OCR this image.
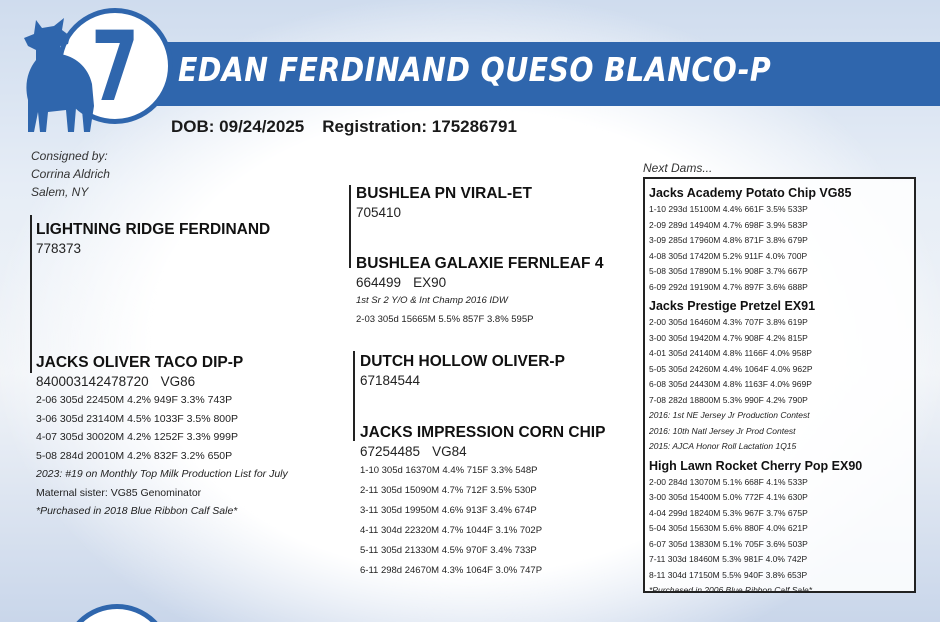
EDAN FERDINAND QUESO BLANCO-P
7
DOB: 09/24/2025 Registration: 175286791
Consigned by:
Corrina Aldrich
Salem, NY
LIGHTNING RIDGE FERDINAND
778373
JACKS OLIVER TACO DIP-P
840003142478720 VG86
2-06 305d 22450M 4.2% 949F 3.3% 743P
3-06 305d 23140M 4.5% 1033F 3.5% 800P
4-07 305d 30020M 4.2% 1252F 3.3% 999P
5-08 284d 20010M 4.2% 832F 3.2% 650P
2023: #19 on Monthly Top Milk Production List for July
Maternal sister: VG85 Genominator
*Purchased in 2018 Blue Ribbon Calf Sale*
BUSHLEA PN VIRAL-ET
705410
BUSHLEA GALAXIE FERNLEAF 4
664499 EX90
1st Sr 2 Y/O & Int Champ 2016 IDW
2-03 305d 15665M 5.5% 857F 3.8% 595P
DUTCH HOLLOW OLIVER-P
67184544
JACKS IMPRESSION CORN CHIP
67254485 VG84
1-10 305d 16370M 4.4% 715F 3.3% 548P
2-11 305d 15090M 4.7% 712F 3.5% 530P
3-11 305d 19950M 4.6% 913F 3.4% 674P
4-11 304d 22320M 4.7% 1044F 3.1% 702P
5-11 305d 21330M 4.5% 970F 3.4% 733P
6-11 298d 24670M 4.3% 1064F 3.0% 747P
Next Dams...
Jacks Academy Potato Chip VG85
1-10 293d 15100M 4.4% 661F 3.5% 533P
2-09 289d 14940M 4.7% 698F 3.9% 583P
3-09 285d 17960M 4.8% 871F 3.8% 679P
4-08 305d 17420M 5.2% 911F 4.0% 700P
5-08 305d 17890M 5.1% 908F 3.7% 667P
6-09 292d 19190M 4.7% 897F 3.6% 688P
Jacks Prestige Pretzel EX91
2-00 305d 16460M 4.3% 707F 3.8% 619P
3-00 305d 19420M 4.7% 908F 4.2% 815P
4-01 305d 24140M 4.8% 1166F 4.0% 958P
5-05 305d 24260M 4.4% 1064F 4.0% 962P
6-08 305d 24430M 4.8% 1163F 4.0% 969P
7-08 282d 18800M 5.3% 990F 4.2% 790P
2016: 1st NE Jersey Jr Production Contest
2016: 10th Natl Jersey Jr Prod Contest
2015: AJCA Honor Roll Lactation 1Q15
High Lawn Rocket Cherry Pop EX90
2-00 284d 13070M 5.1% 668F 4.1% 533P
3-00 305d 15400M 5.0% 772F 4.1% 630P
4-04 299d 18240M 5.3% 967F 3.7% 675P
5-04 305d 15630M 5.6% 880F 4.0% 621P
6-07 305d 13830M 5.1% 705F 3.6% 503P
7-11 303d 18460M 5.3% 981F 4.0% 742P
8-11 304d 17150M 5.5% 940F 3.8% 653P
*Purchased in 2006 Blue Ribbon Calf Sale*
